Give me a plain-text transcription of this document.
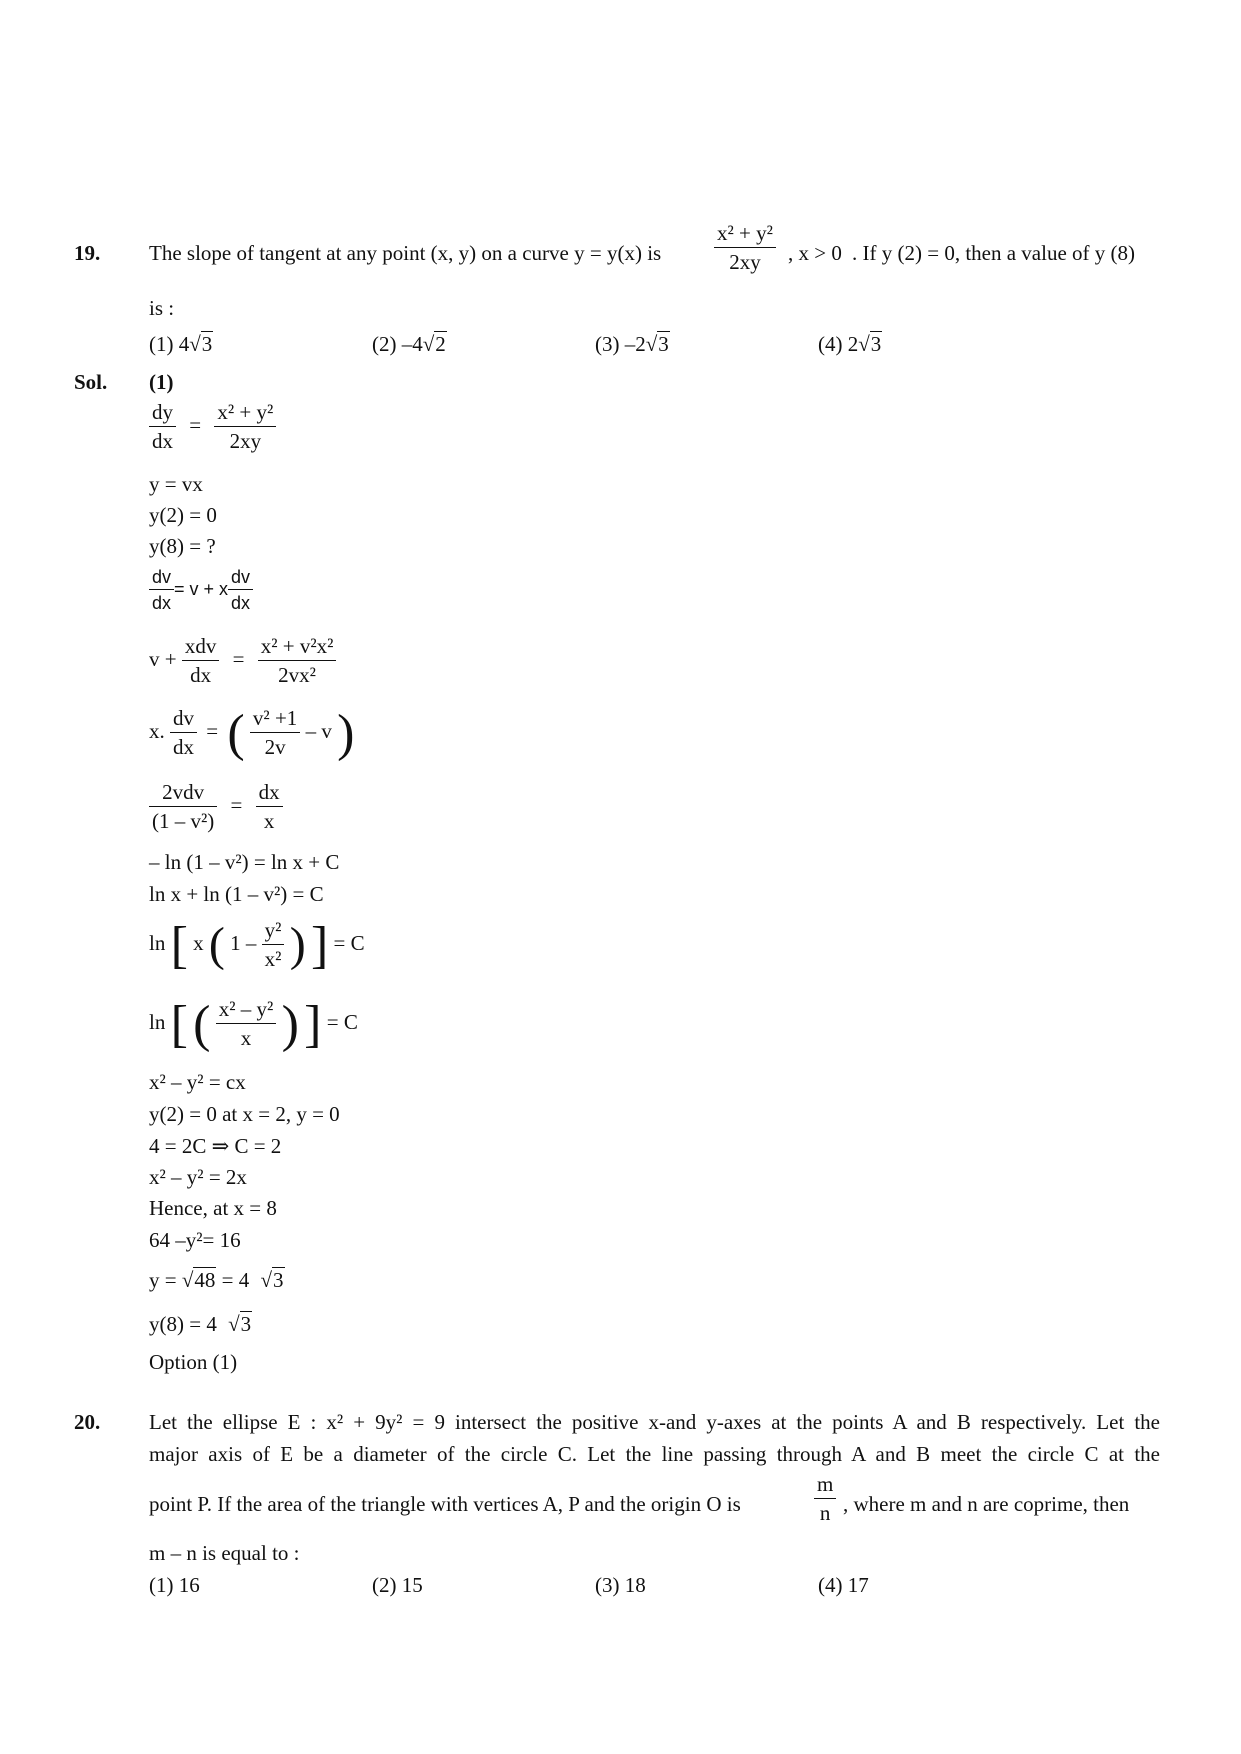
19. The slope of tangent at any point (x, y) on a curve y = y(x) is	$\frac{\text{x² + y²}}{2xy}$ , x > 0 . If y (2) = 0, then a value of y (8)
is :
(1) 4√3	(2) –4√2	(3) –2√3	(4) 2√3
Sol. (1)
$\frac{dy}{dx} = \frac{\text{x² + y²}}{2xy}$
y = vx
y(2) = 0
y(8) = ?
$\frac{dv}{dx} = v + x \frac{dv}{dx}$
$v + \frac{\text{xdv}}{dx} = \frac{\text{x² + v²x²}}{\text{2vx²}}$
x. $\frac{dv}{dx}$ = ( $\frac{\text{v² +1}}{2v}$ – v )
$\frac{\text{2vdv}}{\text{(1 – v²)}} = \frac{dx}{x}$
– ln (1 – v²) = ln x + C
ln x + ln (1 – v²) = C
ln [ x ( $1 - \frac{\text{y²}}{\text{x²}}$ ) ] = C
ln [ ( $\frac{\text{x² – y²}}{x}$ ) ] = C
x² – y² = cx
y(2) = 0 at x = 2, y = 0
4 = 2C ⇒ C = 2
x² – y² = 2x
Hence, at x = 8
64 –y²= 16
y = √48 = 4 √3
y(8) = 4 √3
Option (1)
20. Let the ellipse E : x² + 9y² = 9 intersect the positive x-and y-axes at the points A and B respectively. Let the
major axis of E be a diameter of the circle C. Let the line passing through A and B meet the circle C at the
point P. If the area of the triangle with vertices A, P and the origin O is	$\frac{m}{n}$ , where m and n are coprime, then
m – n is equal to :
(1) 16	(2) 15	(3) 18	(4) 17
